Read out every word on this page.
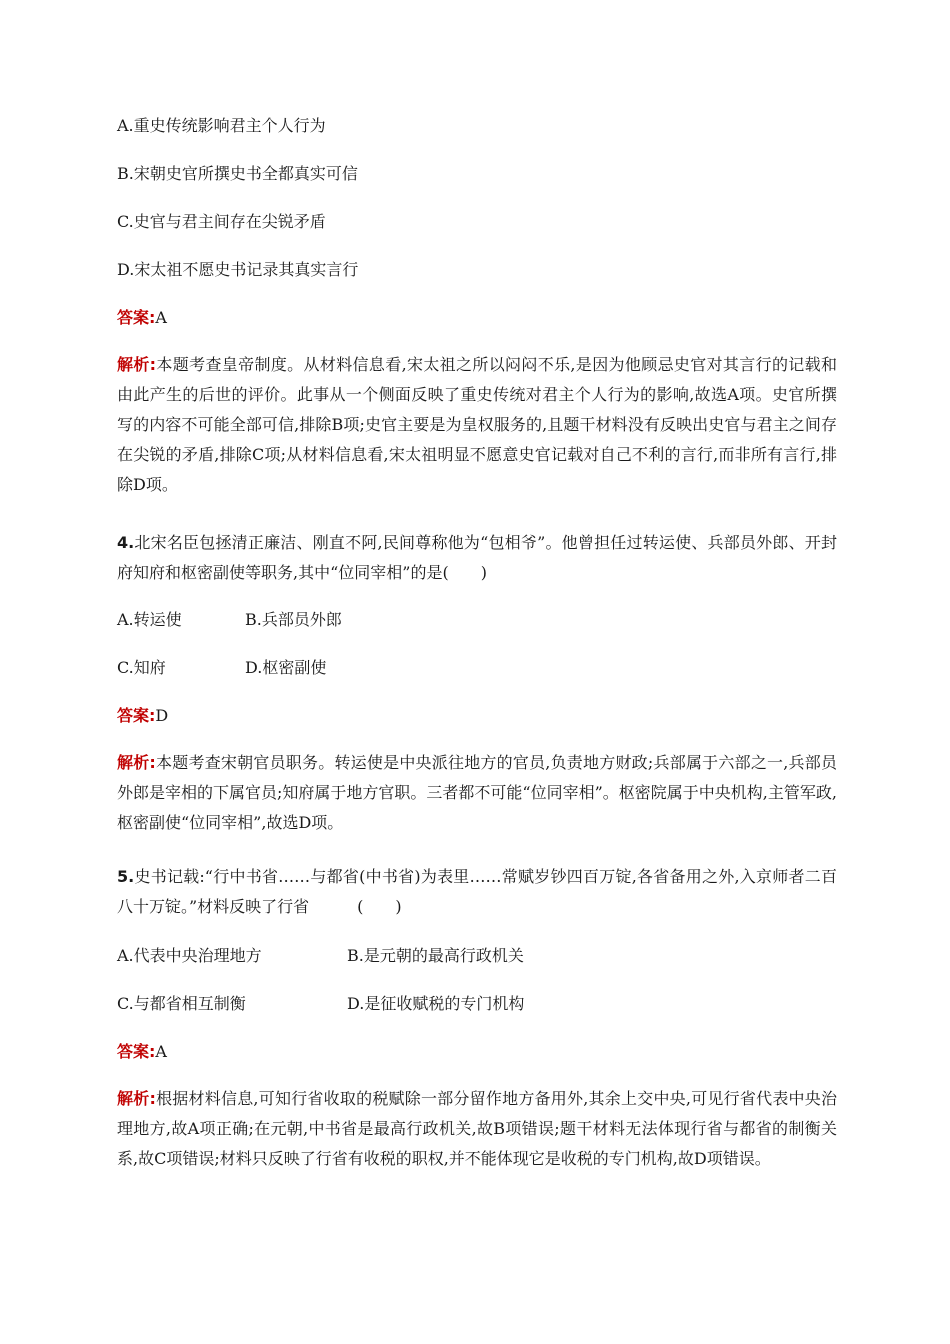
A.重史传统影响君主个人行为
B.宋朝史官所撰史书全都真实可信
C.史官与君主间存在尖锐矛盾
D.宋太祖不愿史书记录其真实言行
答案:A
解析:本题考查皇帝制度。从材料信息看,宋太祖之所以闷闷不乐,是因为他顾忌史官对其言行的记载和由此产生的后世的评价。此事从一个侧面反映了重史传统对君主个人行为的影响,故选A项。史官所撰写的内容不可能全部可信,排除B项;史官主要是为皇权服务的,且题干材料没有反映出史官与君主之间存在尖锐的矛盾,排除C项;从材料信息看,宋太祖明显不愿意史官记载对自己不利的言行,而非所有言行,排除D项。
4.北宋名臣包拯清正廉洁、刚直不阿,民间尊称他为“包相爷”。他曾担任过转运使、兵部员外郎、开封府知府和枢密副使等职务,其中“位同宰相”的是(　　)
A.转运使	B.兵部员外郎
C.知府	D.枢密副使
答案:D
解析:本题考查宋朝官员职务。转运使是中央派往地方的官员,负责地方财政;兵部属于六部之一,兵部员外郎是宰相的下属官员;知府属于地方官职。三者都不可能“位同宰相”。枢密院属于中央机构,主管军政,枢密副使“位同宰相”,故选D项。
5.史书记载:“行中书省……与都省(中书省)为表里……常赋岁钞四百万锭,各省备用之外,入京师者二百八十万锭。”材料反映了行省　　　(　　)
A.代表中央治理地方	B.是元朝的最高行政机关
C.与都省相互制衡	D.是征收赋税的专门机构
答案:A
解析:根据材料信息,可知行省收取的税赋除一部分留作地方备用外,其余上交中央,可见行省代表中央治理地方,故A项正确;在元朝,中书省是最高行政机关,故B项错误;题干材料无法体现行省与都省的制衡关系,故C项错误;材料只反映了行省有收税的职权,并不能体现它是收税的专门机构,故D项错误。
